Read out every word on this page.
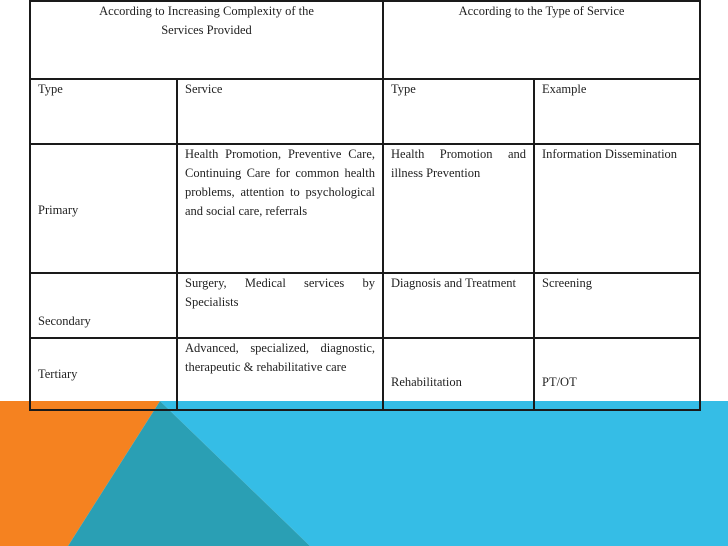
According to Increasing Complexity of the Services Provided		According to the Type of Service	
Type	Service	Type	Example
Primary	Health Promotion, Preventive Care, Continuing Care for common health problems, attention to psychological and social care, referrals	Health Promotion and illness Prevention	Information Dissemination
Secondary	Surgery, Medical services by Specialists	Diagnosis and Treatment	Screening
Tertiary	Advanced, specialized, diagnostic, therapeutic & rehabilitative care	Rehabilitation	PT/OT
